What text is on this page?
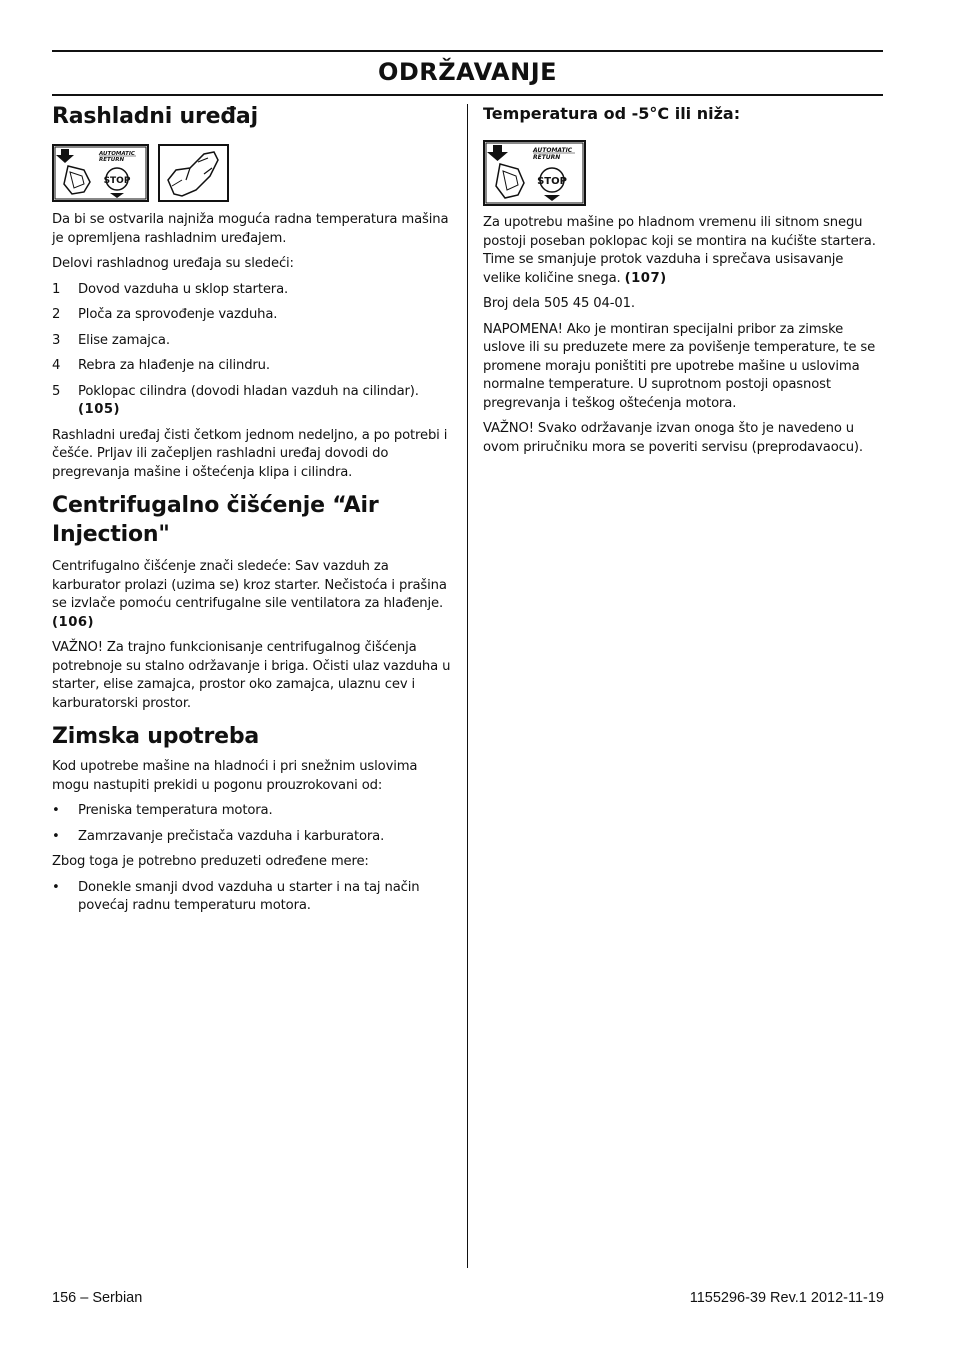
ODRŽAVANJE
Rashladni uređaj
STOP
AUTOMATIC
RETURN

Da bi se ostvarila najniža moguća radna temperatura mašina je opremljena rashladnim uređajem.

Delovi rashladnog uređaja su sledeći:

1 Dovod vazduha u sklop startera.
2 Ploča za sprovođenje vazduha.
3 Elise zamajca.
4 Rebra za hlađenje na cilindru.
5 Poklopac cilindra (dovodi hladan vazduh na cilindar).
(105)

Rashladni uređaj čisti četkom jednom nedeljno, a po potrebi i češće. Prljav ili začepljen rashladni uređaj dovodi do pregrevanja mašine i oštećenja klipa i cilindra.

Centrifugalno čišćenje “Air Injection"

Centrifugalno čišćenje znači sledeće: Sav vazduh za karburator prolazi (uzima se) kroz starter. Nečistoća i prašina se izvlače pomoću centrifugalne sile ventilatora za hlađenje.
(106)

VAŽNO! Za trajno funkcionisanje centrifugalnog čišćenja potrebnoje su stalno održavanje i briga. Očisti ulaz vazduha u starter, elise zamajca, prostor oko zamajca, ulaznu cev i karburatorski prostor.

Zimska upotreba

Kod upotrebe mašine na hladnoći i pri snežnim uslovima mogu nastupiti prekidi u pogonu prouzrokovani od:

• Preniska temperatura motora.
• Zamrzavanje prečistača vazduha i karburatora.

Zbog toga je potrebno preduzeti određene mere:

• Donekle smanji dvod vazduha u starter i na taj način povećaj radnu temperaturu motora.
Temperatura od -5°C ili niža:
STOP
AUTOMATIC
RETURN

Za upotrebu mašine po hladnom vremenu ili sitnom snegu postoji poseban poklopac koji se montira na kućište startera. Time se smanjuje protok vazduha i sprečava usisavanje velike količine snega. (107)

Broj dela 505 45 04-01.

NAPOMENA! Ako je montiran specijalni pribor za zimske uslove ili su preduzete mere za povišenje temperature, te se promene moraju poništiti pre upotrebe mašine u uslovima normalne temperature. U suprotnom postoji opasnost pregrevanja i teškog oštećenja motora.

VAŽNO! Svako održavanje izvan onoga što je navedeno u ovom priručniku mora se poveriti servisu (preprodavaocu).

156 – Serbian	1155296-39 Rev.1 2012-11-19
